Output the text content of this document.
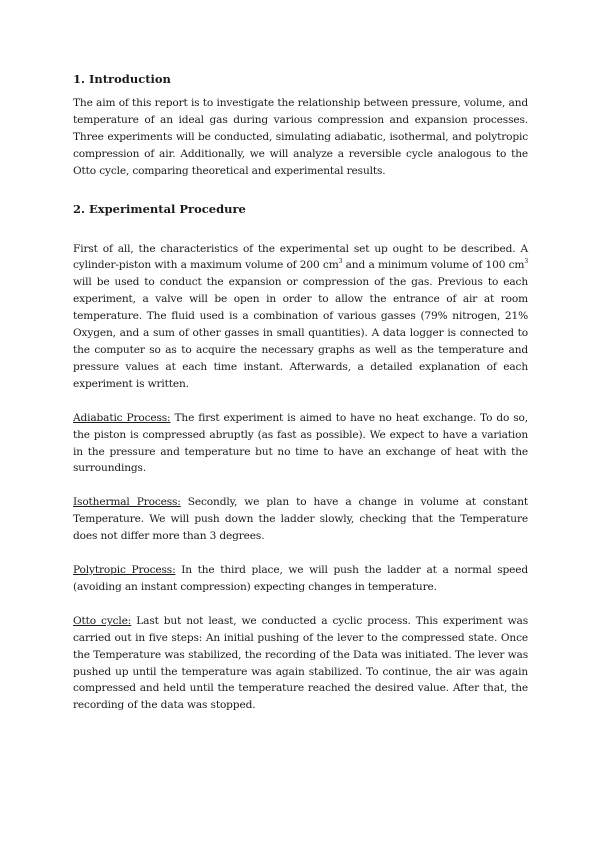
1. Introduction

The aim of this report is to investigate the relationship between pressure, volume, and temperature of an ideal gas during various compression and expansion processes. Three experiments will be conducted, simulating adiabatic, isothermal, and polytropic compression of air. Additionally, we will analyze a reversible cycle analogous to the Otto cycle, comparing theoretical and experimental results.

2. Experimental Procedure

First of all, the characteristics of the experimental set up ought to be described. A cylinder-piston with a maximum volume of 200 $cm^3$ and a minimum volume of 100 $cm^3$ will be used to conduct the expansion or compression of the gas. Previous to each experiment, a valve will be open in order to allow the entrance of air at room temperature. The fluid used is a combination of various gasses (79% nitrogen, 21% Oxygen, and a sum of other gasses in small quantities). A data logger is connected to the computer so as to acquire the necessary graphs as well as the temperature and pressure values at each time instant. Afterwards, a detailed explanation of each experiment is written.

Adiabatic Process: The first experiment is aimed to have no heat exchange. To do so, the piston is compressed abruptly (as fast as possible). We expect to have a variation in the pressure and temperature but no time to have an exchange of heat with the surroundings.

Isothermal Process: Secondly, we plan to have a change in volume at constant Temperature. We will push down the ladder slowly, checking that the Temperature does not differ more than 3 degrees.

Polytropic Process: In the third place, we will push the ladder at a normal speed (avoiding an instant compression) expecting changes in temperature.

Otto cycle: Last but not least, we conducted a cyclic process. This experiment was carried out in five steps: An initial pushing of the lever to the compressed state. Once the Temperature was stabilized, the recording of the Data was initiated. The lever was pushed up until the temperature was again stabilized. To continue, the air was again compressed and held until the temperature reached the desired value. After that, the recording of the data was stopped.
